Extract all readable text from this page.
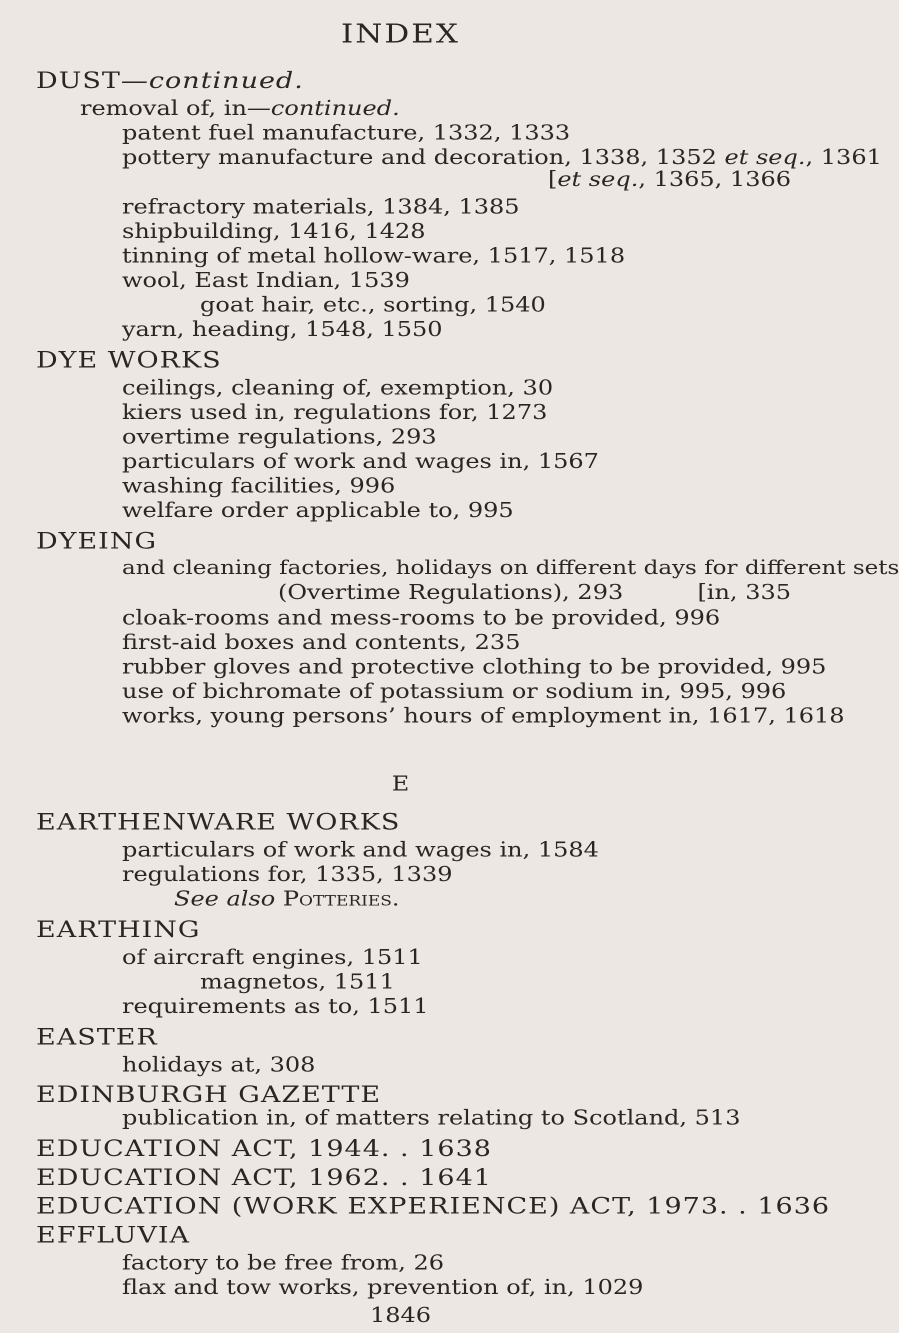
INDEX
DUST—continued.
removal of, in—continued.
patent fuel manufacture, 1332, 1333
pottery manufacture and decoration, 1338, 1352 et seq., 1361
[et seq., 1365, 1366
refractory materials, 1384, 1385
shipbuilding, 1416, 1428
tinning of metal hollow-ware, 1517, 1518
wool, East Indian, 1539
goat hair, etc., sorting, 1540
yarn, heading, 1548, 1550
DYE WORKS
ceilings, cleaning of, exemption, 30
kiers used in, regulations for, 1273
overtime regulations, 293
particulars of work and wages in, 1567
washing facilities, 996
welfare order applicable to, 995
DYEING
and cleaning factories, holidays on different days for different sets
(Overtime Regulations), 293	[in, 335
cloak-rooms and mess-rooms to be provided, 996
first-aid boxes and contents, 235
rubber gloves and protective clothing to be provided, 995
use of bichromate of potassium or sodium in, 995, 996
works, young persons’ hours of employment in, 1617, 1618
E
EARTHENWARE WORKS
particulars of work and wages in, 1584
regulations for, 1335, 1339
See also Potteries.
EARTHING
of aircraft engines, 1511
magnetos, 1511
requirements as to, 1511
EASTER
holidays at, 308
EDINBURGH GAZETTE
publication in, of matters relating to Scotland, 513
EDUCATION ACT, 1944. . 1638
EDUCATION ACT, 1962. . 1641
EDUCATION (WORK EXPERIENCE) ACT, 1973. . 1636
EFFLUVIA
factory to be free from, 26
flax and tow works, prevention of, in, 1029
1846
